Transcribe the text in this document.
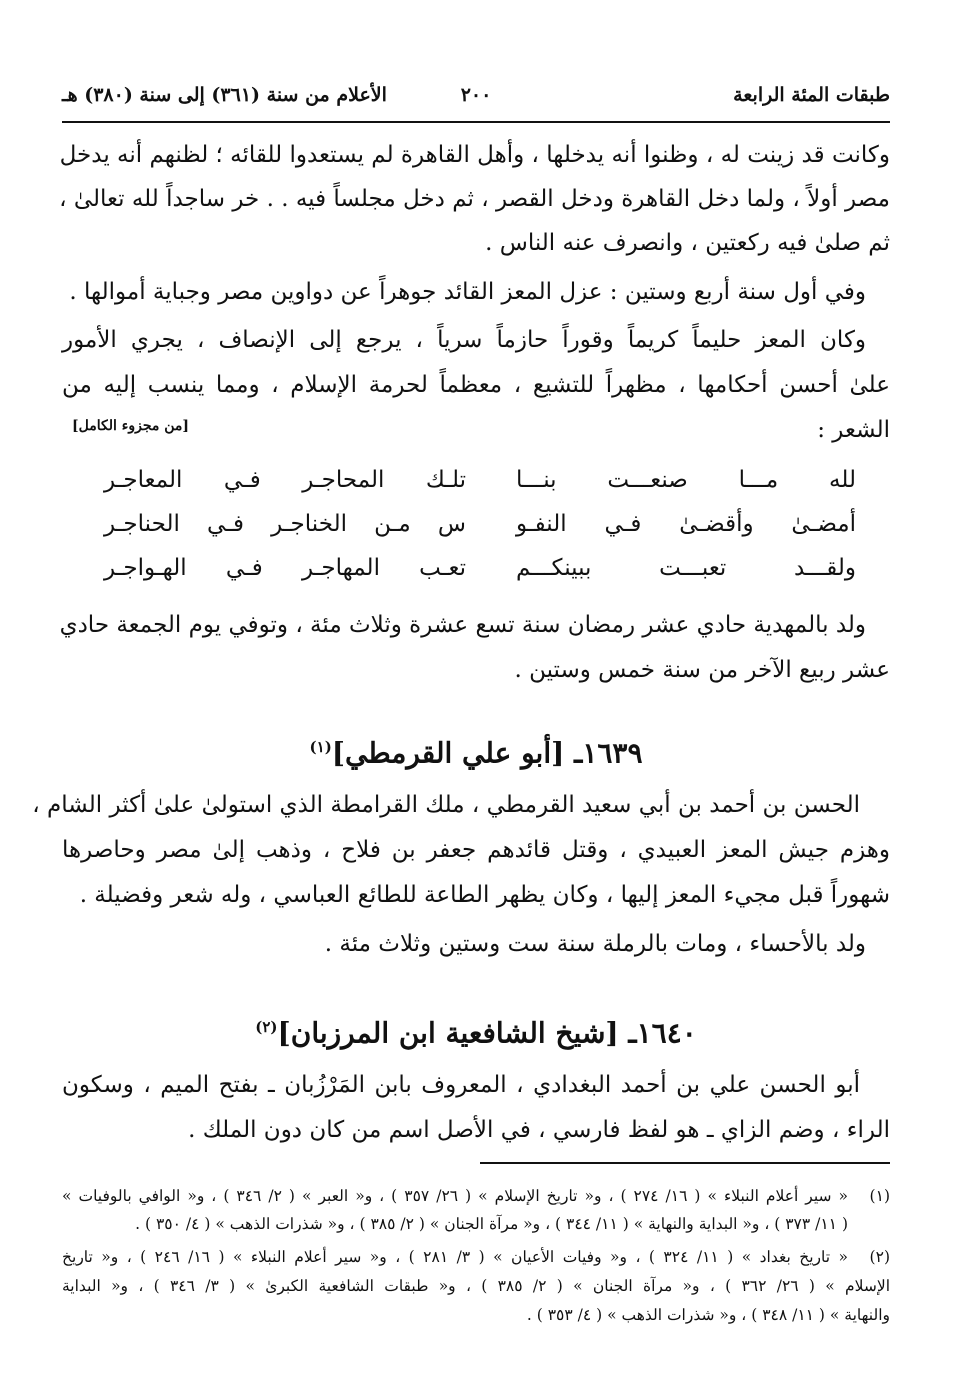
طبقات المئة الرابعة
٢٠٠
الأعلام من سنة (٣٦١) إلى سنة (٣٨٠) هـ
وكانت قد زينت له ، وظنوا أنه يدخلها ، وأهل القاهرة لم يستعدوا للقائه ؛ لظنهم أنه يدخل
مصر أولاً ، ولما دخل القاهرة ودخل القصر ، ثم دخل مجلساً فيه . . خر ساجداً لله تعالىٰ ،
ثم صلىٰ فيه ركعتين ، وانصرف عنه الناس .
وفي أول سنة أربع وستين : عزل المعز القائد جوهراً عن دواوين مصر وجباية أموالها .
وكان المعز حليماً كريماً وقوراً حازماً سرياً ، يرجع إلى الإنصاف ، يجري الأمور
علىٰ أحسن أحكامها ، مظهراً للتشيع ، معظماً لحرمة الإسلام ، ومما ينسب إليه من
الشعر :
[من مجزوء الكامل]
لله مـــا صنعـــت بنـــا
تلـك المحاجـر فـي المعاجـر
أمضـىٰ وأقضـىٰ فـي النفـو
س مـن الخناجـر فـي الحناجـر
ولقـــد تعبـــت ببينكـــم
تعـب المهاجـر فـي الهـواجـر
ولد بالمهدية حادي عشر رمضان سنة تسع عشرة وثلاث مئة ، وتوفي يوم الجمعة حادي
عشر ربيع الآخر من سنة خمس وستين .
١٦٣٩ـ [أبو علي القرمطي]$^{(١)}$
الحسن بن أحمد بن أبي سعيد القرمطي ، ملك القرامطة الذي استولىٰ علىٰ أكثر الشام ،
وهزم جيش المعز العبيدي ، وقتل قائدهم جعفر بن فلاح ، وذهب إلىٰ مصر وحاصرها
شهوراً قبل مجيء المعز إليها ، وكان يظهر الطاعة للطائع العباسي ، وله شعر وفضيلة .
ولد بالأحساء ، ومات بالرملة سنة ست وستين وثلاث مئة .
١٦٤٠ـ [شيخ الشافعية ابن المرزبان]$^{(٢)}$
أبو الحسن علي بن أحمد البغدادي ، المعروف بابن المَرْزُبان ـ بفتح الميم ، وسكون
الراء ، وضم الزاي ـ هو لفظ فارسي ، في الأصل اسم من كان دون الملك .
(١)
« سير أعلام النبلاء » ( ١٦/ ٢٧٤ ) ، و« تاريخ الإسلام » ( ٢٦/ ٣٥٧ ) ، و« العبر » ( ٢/ ٣٤٦ ) ، و« الوافي بالوفيات »
( ١١/ ٣٧٣ ) ، و« البداية والنهاية » ( ١١/ ٣٤٤ ) ، و« مرآة الجنان » ( ٢/ ٣٨٥ ) ، و« شذرات الذهب » ( ٤/ ٣٥٠ ) .
(٢)
« تاريخ بغداد » ( ١١/ ٣٢٤ ) ، و« وفيات الأعيان » ( ٣/ ٢٨١ ) ، و« سير أعلام النبلاء » ( ١٦/ ٢٤٦ ) ، و« تاريخ
الإسلام » ( ٢٦/ ٣٦٢ ) ، و« مرآة الجنان » ( ٢/ ٣٨٥ ) ، و« طبقات الشافعية الكبرىٰ » ( ٣/ ٣٤٦ ) ، و« البداية
والنهاية » ( ١١/ ٣٤٨ ) ، و« شذرات الذهب » ( ٤/ ٣٥٣ ) .
